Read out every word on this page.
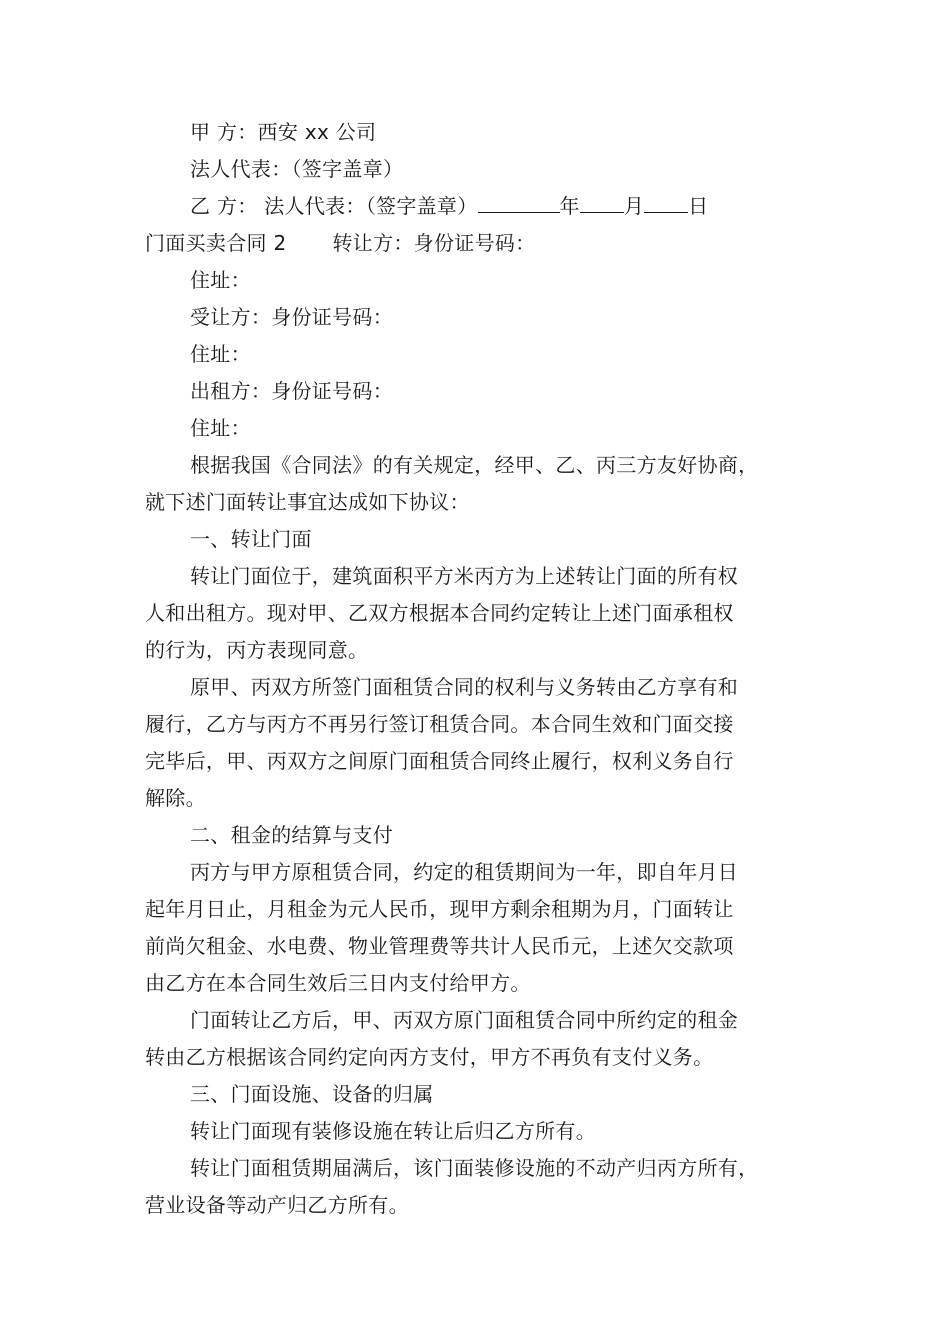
甲 方：西安 xx 公司
法人代表：（签字盖章）
乙 方： 法人代表：（签字盖章）	年 月 日
门面买卖合同 2 转让方：身份证号码：
住址：
受让方：身份证号码：
住址：
出租方：身份证号码：
住址：
根据我国《合同法》的有关规定，经甲、乙、丙三方友好协商，
就下述门面转让事宜达成如下协议：
一、转让门面
转让门面位于，建筑面积平方米丙方为上述转让门面的所有权
人和出租方。现对甲、乙双方根据本合同约定转让上述门面承租权
的行为，丙方表现同意。
原甲、丙双方所签门面租赁合同的权利与义务转由乙方享有和
履行，乙方与丙方不再另行签订租赁合同。本合同生效和门面交接
完毕后，甲、丙双方之间原门面租赁合同终止履行，权利义务自行
解除。
二、租金的结算与支付
丙方与甲方原租赁合同，约定的租赁期间为一年，即自年月日
起年月日止，月租金为元人民币，现甲方剩余租期为月，门面转让
前尚欠租金、水电费、物业管理费等共计人民币元，上述欠交款项
由乙方在本合同生效后三日内支付给甲方。
门面转让乙方后，甲、丙双方原门面租赁合同中所约定的租金
转由乙方根据该合同约定向丙方支付，甲方不再负有支付义务。
三、门面设施、设备的归属
转让门面现有装修设施在转让后归乙方所有。
转让门面租赁期届满后，该门面装修设施的不动产归丙方所有，
营业设备等动产归乙方所有。
